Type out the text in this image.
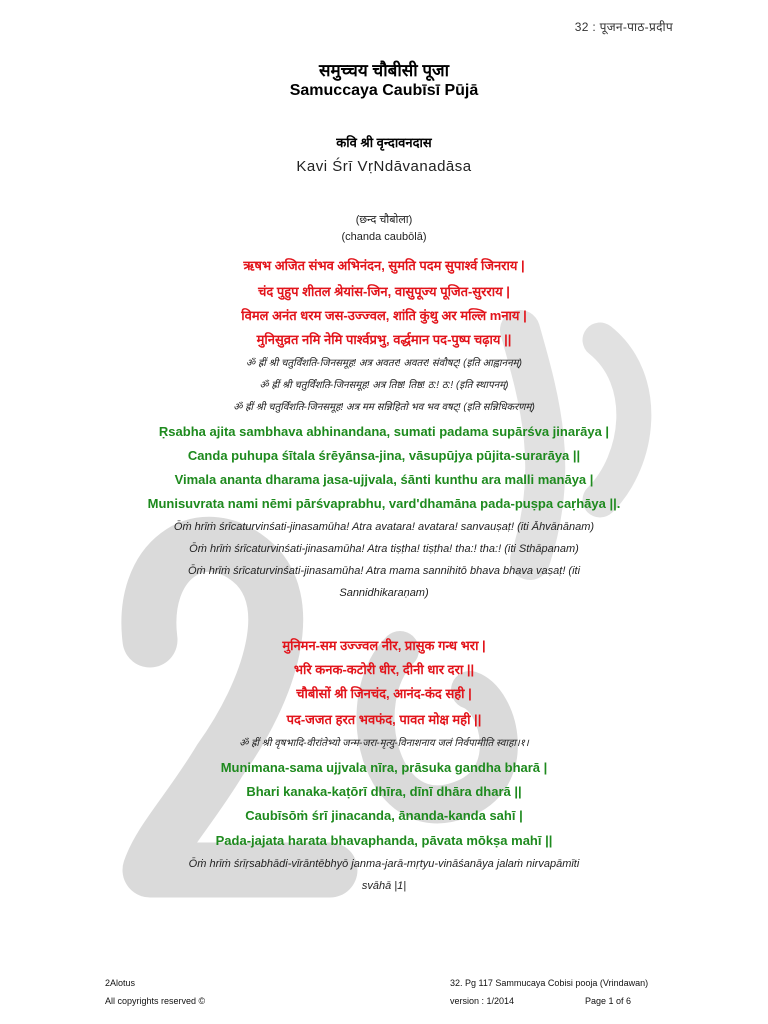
32 : पूजन-पाठ-प्रदीप
समुच्चय चौबीसी पूजा
Samuccaya Caubīsī Pūjā
कवि श्री वृन्दावनदास
Kavi Śrī VṛNdāvanadāsa
(छन्द चौबोला)
(chanda caubōlā)
ऋषभ अजित संभव अभिनंदन, सुमति पदम सुपार्श्व जिनराय |
चंद पुहुप शीतल श्रेयांस-जिन, वासुपूज्य पूजित-सुरराय |
विमल अनंत धरम जस-उज्ज्वल, शांति कुंथु अर मल्लि mनाय |
मुनिसुव्रत नमि नेमि पार्श्वप्रभु, वर्द्धमान पद-पुष्प चढ़ाय ||
ॐ ह्रीं श्री चतुर्विंशति-जिनसमूह! अत्र अवतर! अवतर! संवौषट्! (इति आह्वाननम्)
ॐ ह्रीं श्री चतुर्विंशति-जिनसमूह! अत्र तिष्ठ! तिष्ठ! ठ:! ठ:! (इति स्थापनम्)
ॐ ह्रीं श्री चतुर्विंशति-जिनसमूह! अत्र मम सन्निहितो भव भव वषट्! (इति सन्निधिकरणम्)
Ṛsabha ajita sambhava abhinandana, sumati padama supārśva jinarāya |
Canda puhupa śītala śrēyānsa-jina, vāsupūjya pūjita-surarāya ||
Vimala ananta dharama jasa-ujjvala, śānti kunthu ara malli manāya |
Munisuvrata nami nēmi pārśvaprabhu, vard'dhamāna pada-puṣpa caṛhāya ||.
Ōṁ hrīṁ śrīcaturvinśati-jinasamūha! Atra avatara! avatara! sanvauṣaṭ! (iti Āhvānānam)
Ōṁ hrīṁ śrīcaturvinśati-jinasamūha! Atra tiṣṭha! tiṣṭha! tha:! tha:! (iti Sthāpanam)
Ōṁ hrīṁ śrīcaturvinśati-jinasamūha! Atra mama sannihitō bhava bhava vaṣaṭ! (iti
Sannidhikaraṇam)
मुनिमन-सम उज्ज्वल नीर, प्रासुक गन्ध भरा |
भरि कनक-कटोरी धीर, दीनी धार दरा ||
चौबीसों श्री जिनचंद, आनंद-कंद सही |
पद-जजत हरत भवफंद, पावत मोक्ष मही ||
ॐ ह्रीं श्री वृषभादि-वीरांतेभ्यो जन्म-जरा-मृत्यु-विनाशनाय जलं निर्वपामीति स्वाहा।१।
Munimana-sama ujjvala nīra, prāsuka gandha bharā |
Bhari kanaka-kaṭōrī dhīra, dīnī dhāra dharā ||
Caubīsōṁ śrī jinacanda, ānanda-kanda sahī |
Pada-jajata harata bhavaphanda, pāvata mōkṣa mahī ||
Ōṁ hrīṁ śrīṛsabhādi-vīrāntēbhyō janma-jarā-mṛtyu-vināśanāya jalaṁ nirvapāmīti
svāhā |1|
2Alotus
All copyrights reserved ©
32. Pg 117 Sammucaya Cobisi pooja (Vrindawan)
version : 1/2014	Page 1 of 6
